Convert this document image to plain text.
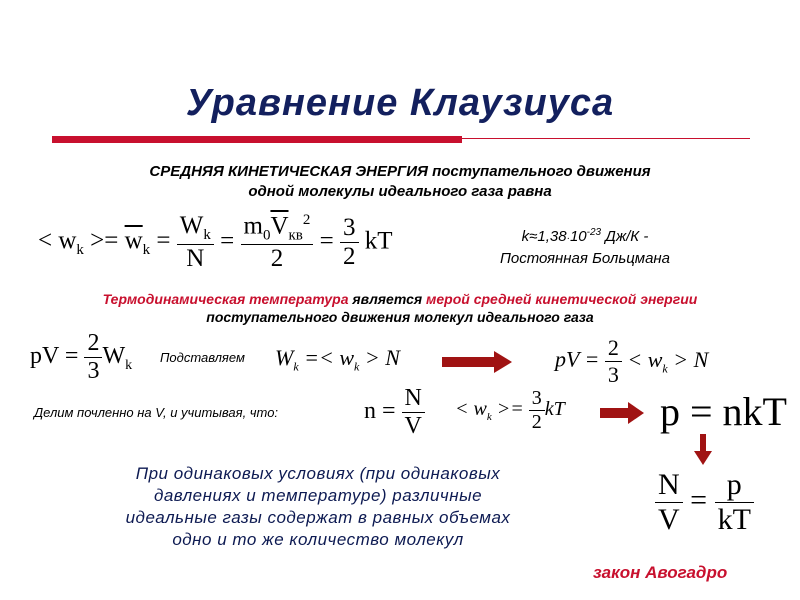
Уравнение Клаузиуса
СРЕДНЯЯ КИНЕТИЧЕСКАЯ ЭНЕРГИЯ поступательного движения
одной молекулы идеального газа равна
< $w_k >= \overline{w}_k = \frac{W_k}{N} = \frac{m_0\overline{V}_{кв}^2}{2} = \frac{3}{2}$ kT	$k\approx 1,38\cdot 10^{-23}$ Дж/К -
Постоянная Больцмана
Термодинамическая температура является мерой средней кинетической энергии
поступательного движения молекул идеального газа
pV = $\frac{2}{3} W_k$
Подставляем $W_k =< w_k > N$	pV = $\frac{2}{3} < w_k > N$
Делим почленно на V, и учитывая, что:	$n = \frac{N}{V} < w_k >= \frac{3}{2}$ kT p = nkT
$\frac{N}{V} = \frac{p}{kT}$
При одинаковых условиях (при одинаковых
давлениях и температуре) различные
идеальные газы содержат в равных объемах
одно и то же количество молекул
закон Авогадро
